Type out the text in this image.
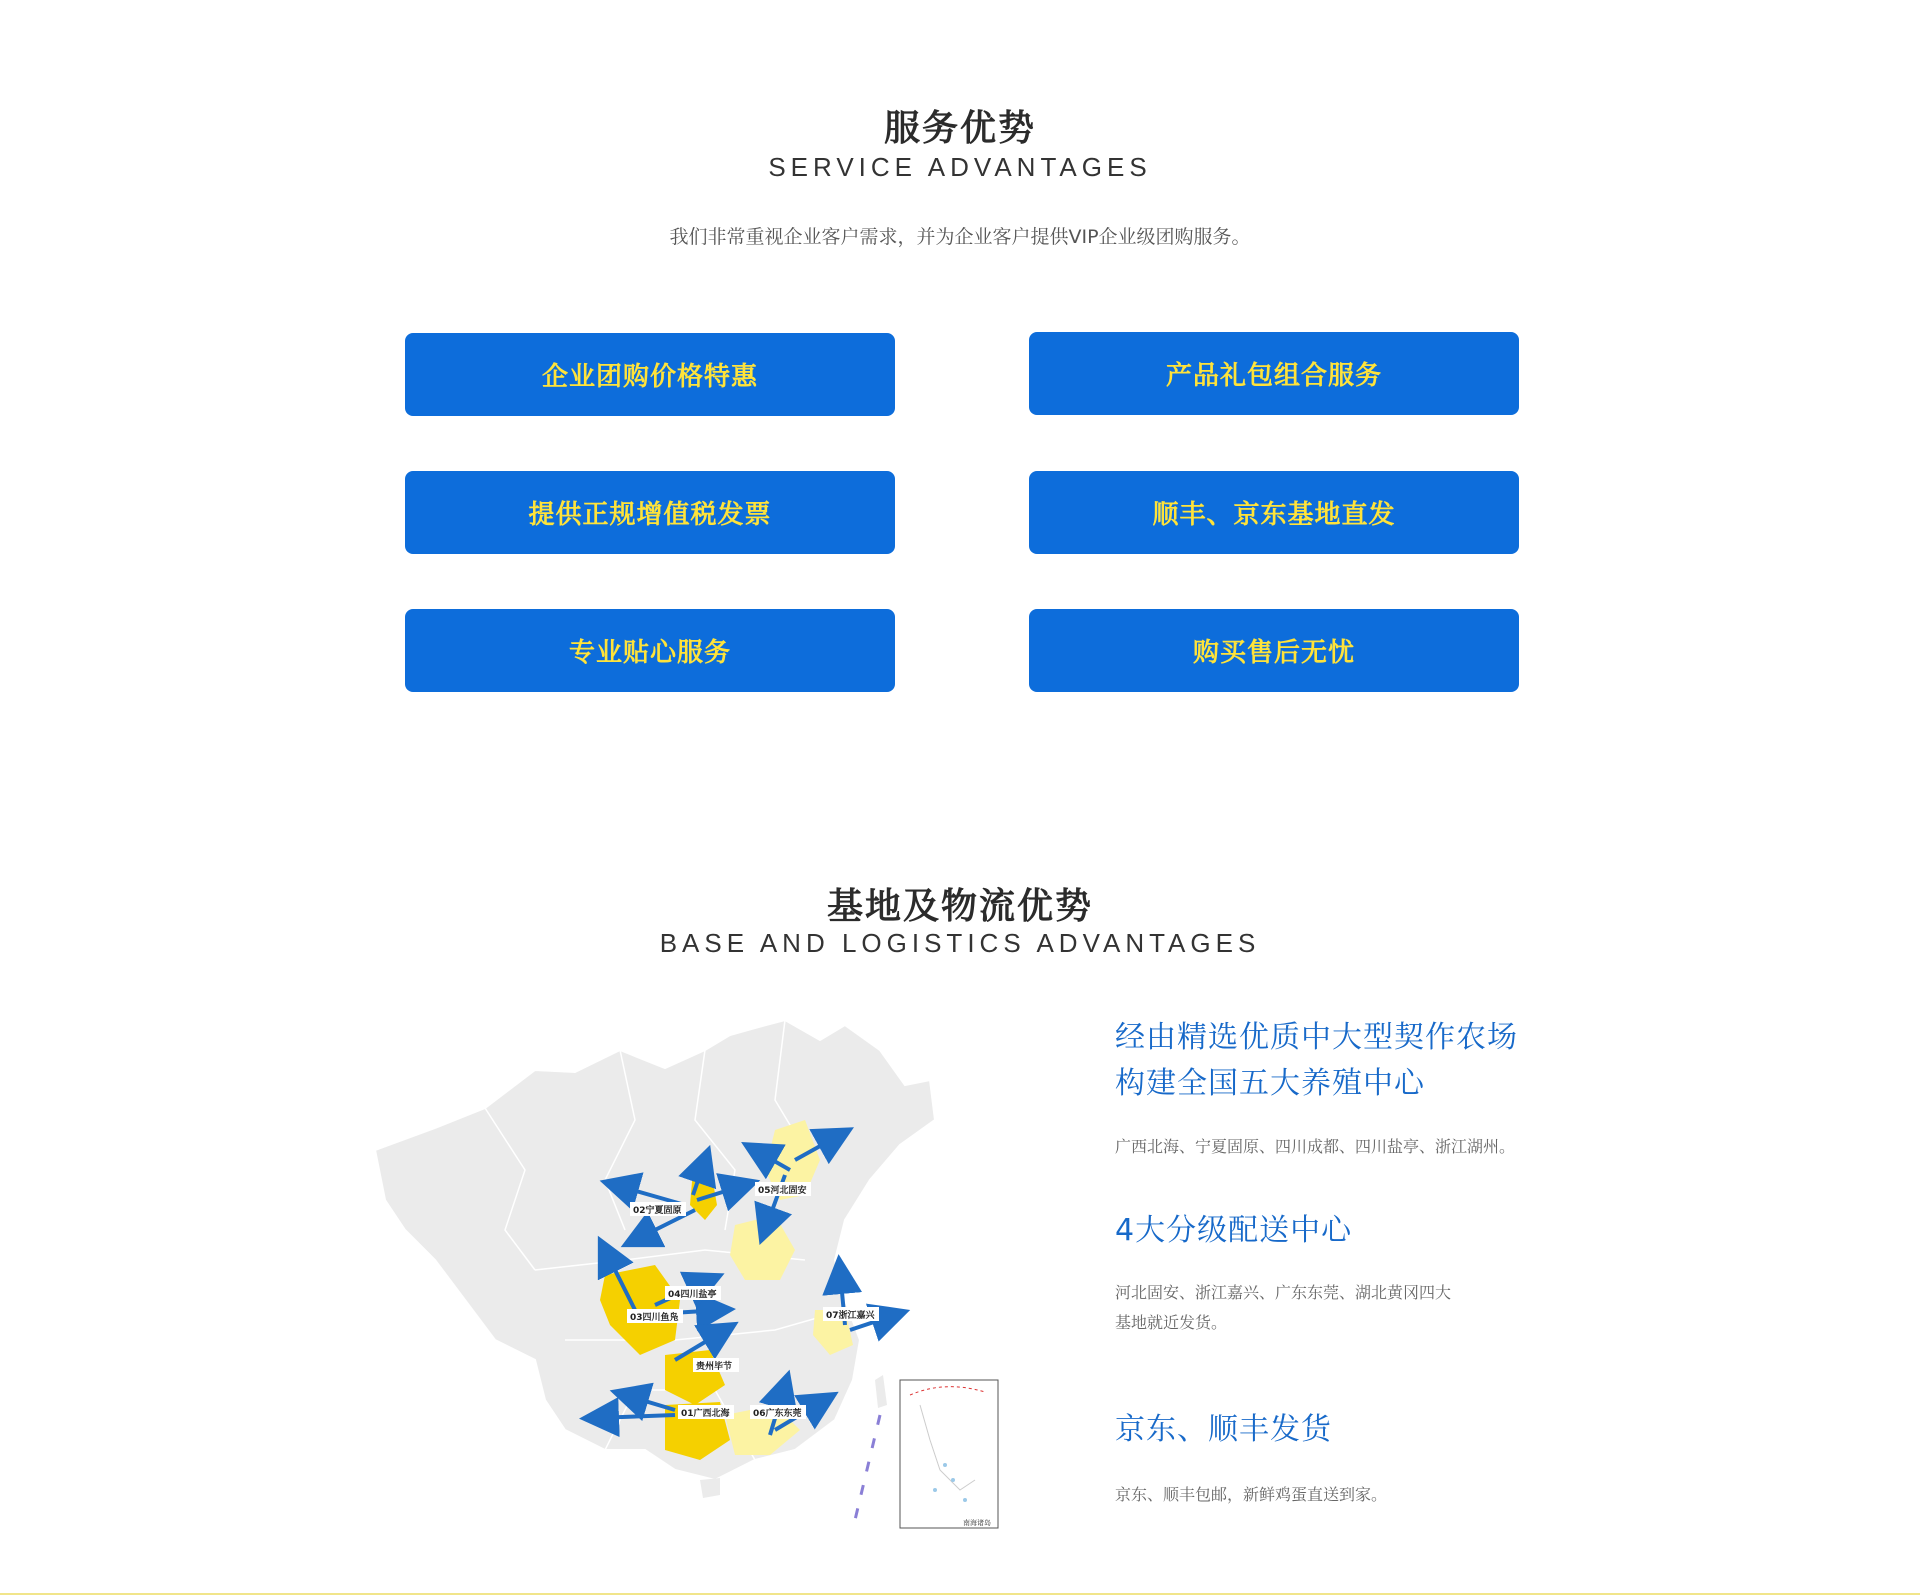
服务优势
SERVICE ADVANTAGES
我们非常重视企业客户需求，并为企业客户提供VIP企业级团购服务。
企业团购价格特惠	产品礼包组合服务
提供正规增值税发票	顺丰、京东基地直发
专业贴心服务	购买售后无忧
基地及物流优势
BASE AND LOGISTICS ADVANTAGES
02宁夏固原
05河北固安
04四川盐亭
03四川鱼凫	07浙江嘉兴
贵州毕节
01广西北海	06广东东莞
南海诸岛
经由精选优质中大型契作农场
构建全国五大养殖中心
广西北海、宁夏固原、四川成都、四川盐亭、浙江湖州。
4大分级配送中心
河北固安、浙江嘉兴、广东东莞、湖北黄冈四大
基地就近发货。
京东、顺丰发货
京东、顺丰包邮，新鲜鸡蛋直送到家。
